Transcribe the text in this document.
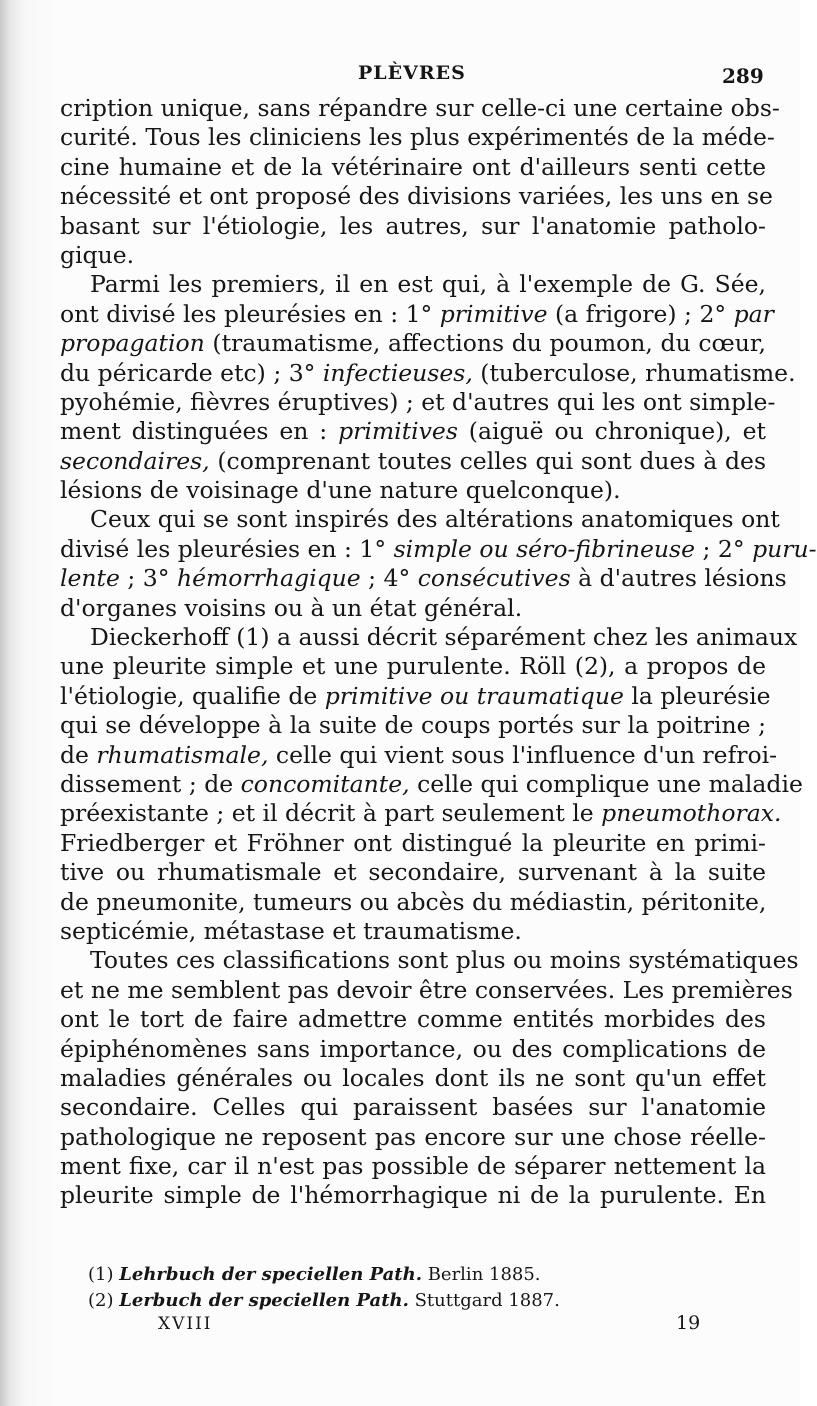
PLÈVRES	289
cription unique, sans répandre sur celle-ci une certaine obs-
curité. Tous les cliniciens les plus expérimentés de la méde-
cine humaine et de la vétérinaire ont d'ailleurs senti cette
nécessité et ont proposé des divisions variées, les uns en se
basant sur l'étiologie, les autres, sur l'anatomie patholo-
gique.
Parmi les premiers, il en est qui, à l'exemple de G. Sée,
ont divisé les pleurésies en : 1° primitive (a frigore) ; 2° par
propagation (traumatisme, affections du poumon, du cœur,
du péricarde etc) ; 3° infectieuses, (tuberculose, rhumatisme.
pyohémie, fièvres éruptives) ; et d'autres qui les ont simple-
ment distinguées en : primitives (aiguë ou chronique), et
secondaires, (comprenant toutes celles qui sont dues à des
lésions de voisinage d'une nature quelconque).
Ceux qui se sont inspirés des altérations anatomiques ont
divisé les pleurésies en : 1° simple ou séro-fibrineuse ; 2° puru-
lente ; 3° hémorrhagique ; 4° consécutives à d'autres lésions
d'organes voisins ou à un état général.
Dieckerhoff (1) a aussi décrit séparément chez les animaux
une pleurite simple et une purulente. Röll (2), a propos de
l'étiologie, qualifie de primitive ou traumatique la pleurésie
qui se développe à la suite de coups portés sur la poitrine ;
de rhumatismale, celle qui vient sous l'influence d'un refroi-
dissement ; de concomitante, celle qui complique une maladie
préexistante ; et il décrit à part seulement le pneumothorax.
Friedberger et Fröhner ont distingué la pleurite en primi-
tive ou rhumatismale et secondaire, survenant à la suite
de pneumonite, tumeurs ou abcès du médiastin, péritonite,
septicémie, métastase et traumatisme.
Toutes ces classifications sont plus ou moins systématiques
et ne me semblent pas devoir être conservées. Les premières
ont le tort de faire admettre comme entités morbides des
épiphénomènes sans importance, ou des complications de
maladies générales ou locales dont ils ne sont qu'un effet
secondaire. Celles qui paraissent basées sur l'anatomie
pathologique ne reposent pas encore sur une chose réelle-
ment fixe, car il n'est pas possible de séparer nettement la
pleurite simple de l'hémorrhagique ni de la purulente. En
(1) Lehrbuch der speciellen Path. Berlin 1885.
(2) Lerbuch der speciellen Path. Stuttgard 1887.
XVIII	19
